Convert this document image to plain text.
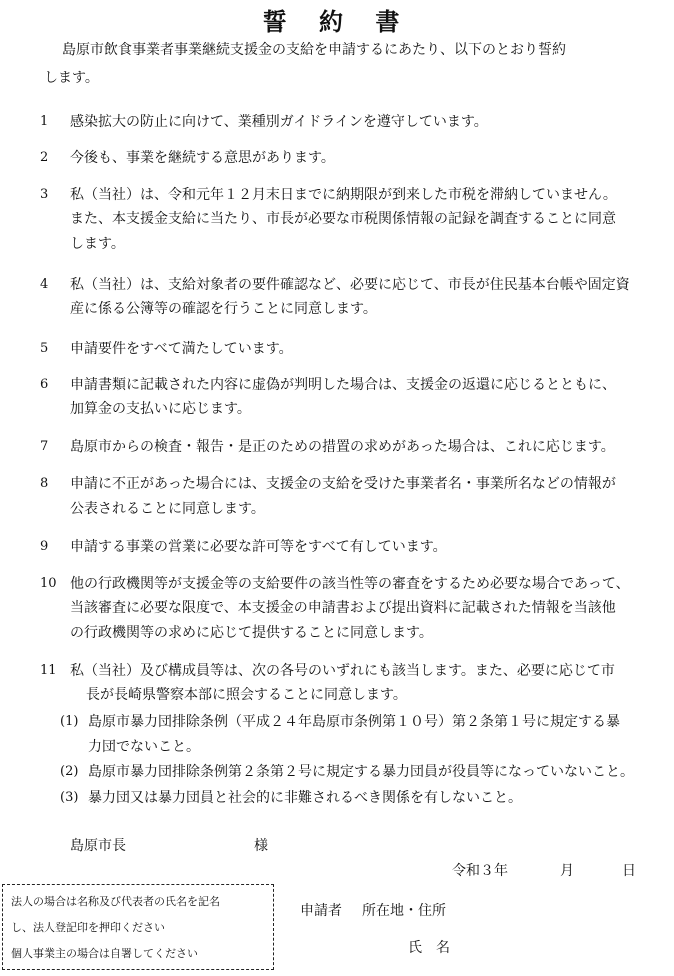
誓 約 書
島原市飲食事業者事業継続支援金の支給を申請するにあたり、以下のとおり誓約
します。
1 感染拡大の防止に向けて、業種別ガイドラインを遵守しています。
2 今後も、事業を継続する意思があります。
3 私（当社）は、令和元年１２月末日までに納期限が到来した市税を滞納していません。
また、本支援金支給に当たり、市長が必要な市税関係情報の記録を調査することに同意
します。
4 私（当社）は、支給対象者の要件確認など、必要に応じて、市長が住民基本台帳や固定資
産に係る公簿等の確認を行うことに同意します。
5 申請要件をすべて満たしています。
6 申請書類に記載された内容に虚偽が判明した場合は、支援金の返還に応じるとともに、
加算金の支払いに応じます。
7 島原市からの検査・報告・是正のための措置の求めがあった場合は、これに応じます。
8 申請に不正があった場合には、支援金の支給を受けた事業者名・事業所名などの情報が
公表されることに同意します。
9 申請する事業の営業に必要な許可等をすべて有しています。
10 他の行政機関等が支援金等の支給要件の該当性等の審査をするため必要な場合であって、
当該審査に必要な限度で、本支援金の申請書および提出資料に記載された情報を当該他
の行政機関等の求めに応じて提供することに同意します。
11 私（当社）及び構成員等は、次の各号のいずれにも該当します。また、必要に応じて市
長が長崎県警察本部に照会することに同意します。
(1) 島原市暴力団排除条例（平成２４年島原市条例第１０号）第２条第１号に規定する暴
力団でないこと。
(2) 島原市暴力団排除条例第２条第２号に規定する暴力団員が役員等になっていないこと。
(3) 暴力団又は暴力団員と社会的に非難されるべき関係を有しないこと。
島原市長	様
令和３年	月	日
法人の場合は名称及び代表者の氏名を記名
し、法人登記印を押印ください
個人事業主の場合は自署してください
申請者 所在地・住所
氏　名
